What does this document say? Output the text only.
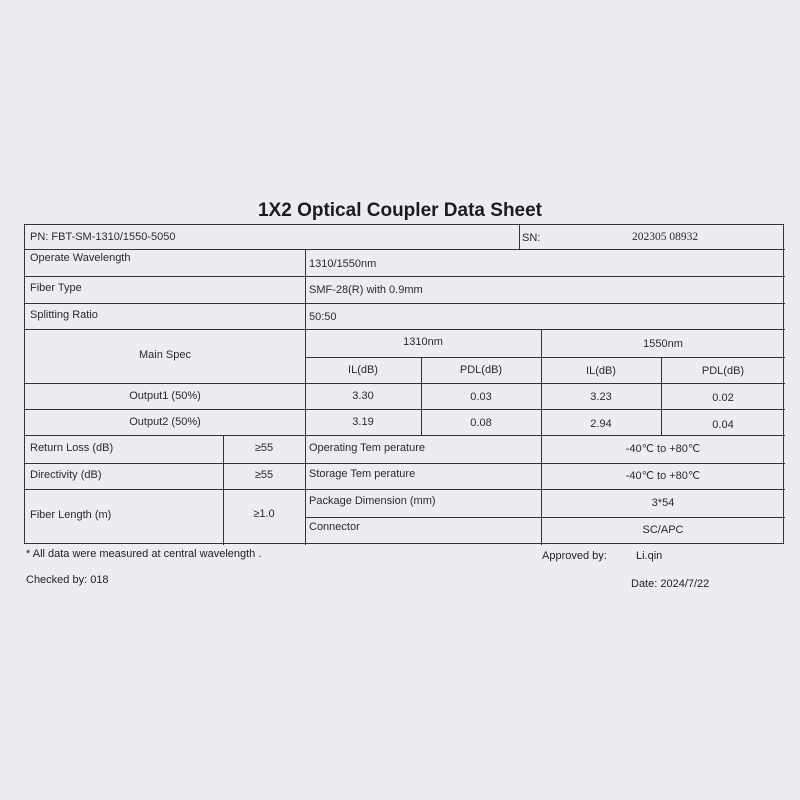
1X2 Optical Coupler Data Sheet
PN: FBT-SM-1310/1550-5050	SN:	202305 08932
Operate Wavelength	1310/1550nm
Fiber Type	SMF-28(R) with 0.9mm
Splitting Ratio	50:50
Main Spec
1310nm	1550nm
IL(dB)	PDL(dB)	IL(dB)	PDL(dB)
Output1 (50%)	3.30	0.03	3.23	0.02
Output2 (50%)	3.19	0.08	2.94	0.04
Return Loss (dB)	≥55	Operating Tem perature	-40℃ to +80℃
Directivity (dB)	≥55	Storage Tem perature	-40℃ to +80℃
Fiber Length (m)	≥1.0
Package Dimension (mm)	3*54
Connector	SC/APC
* All data were measured at central wavelength .	Approved by:	Li.qin
Checked by: 018	Date: 2024/7/22
